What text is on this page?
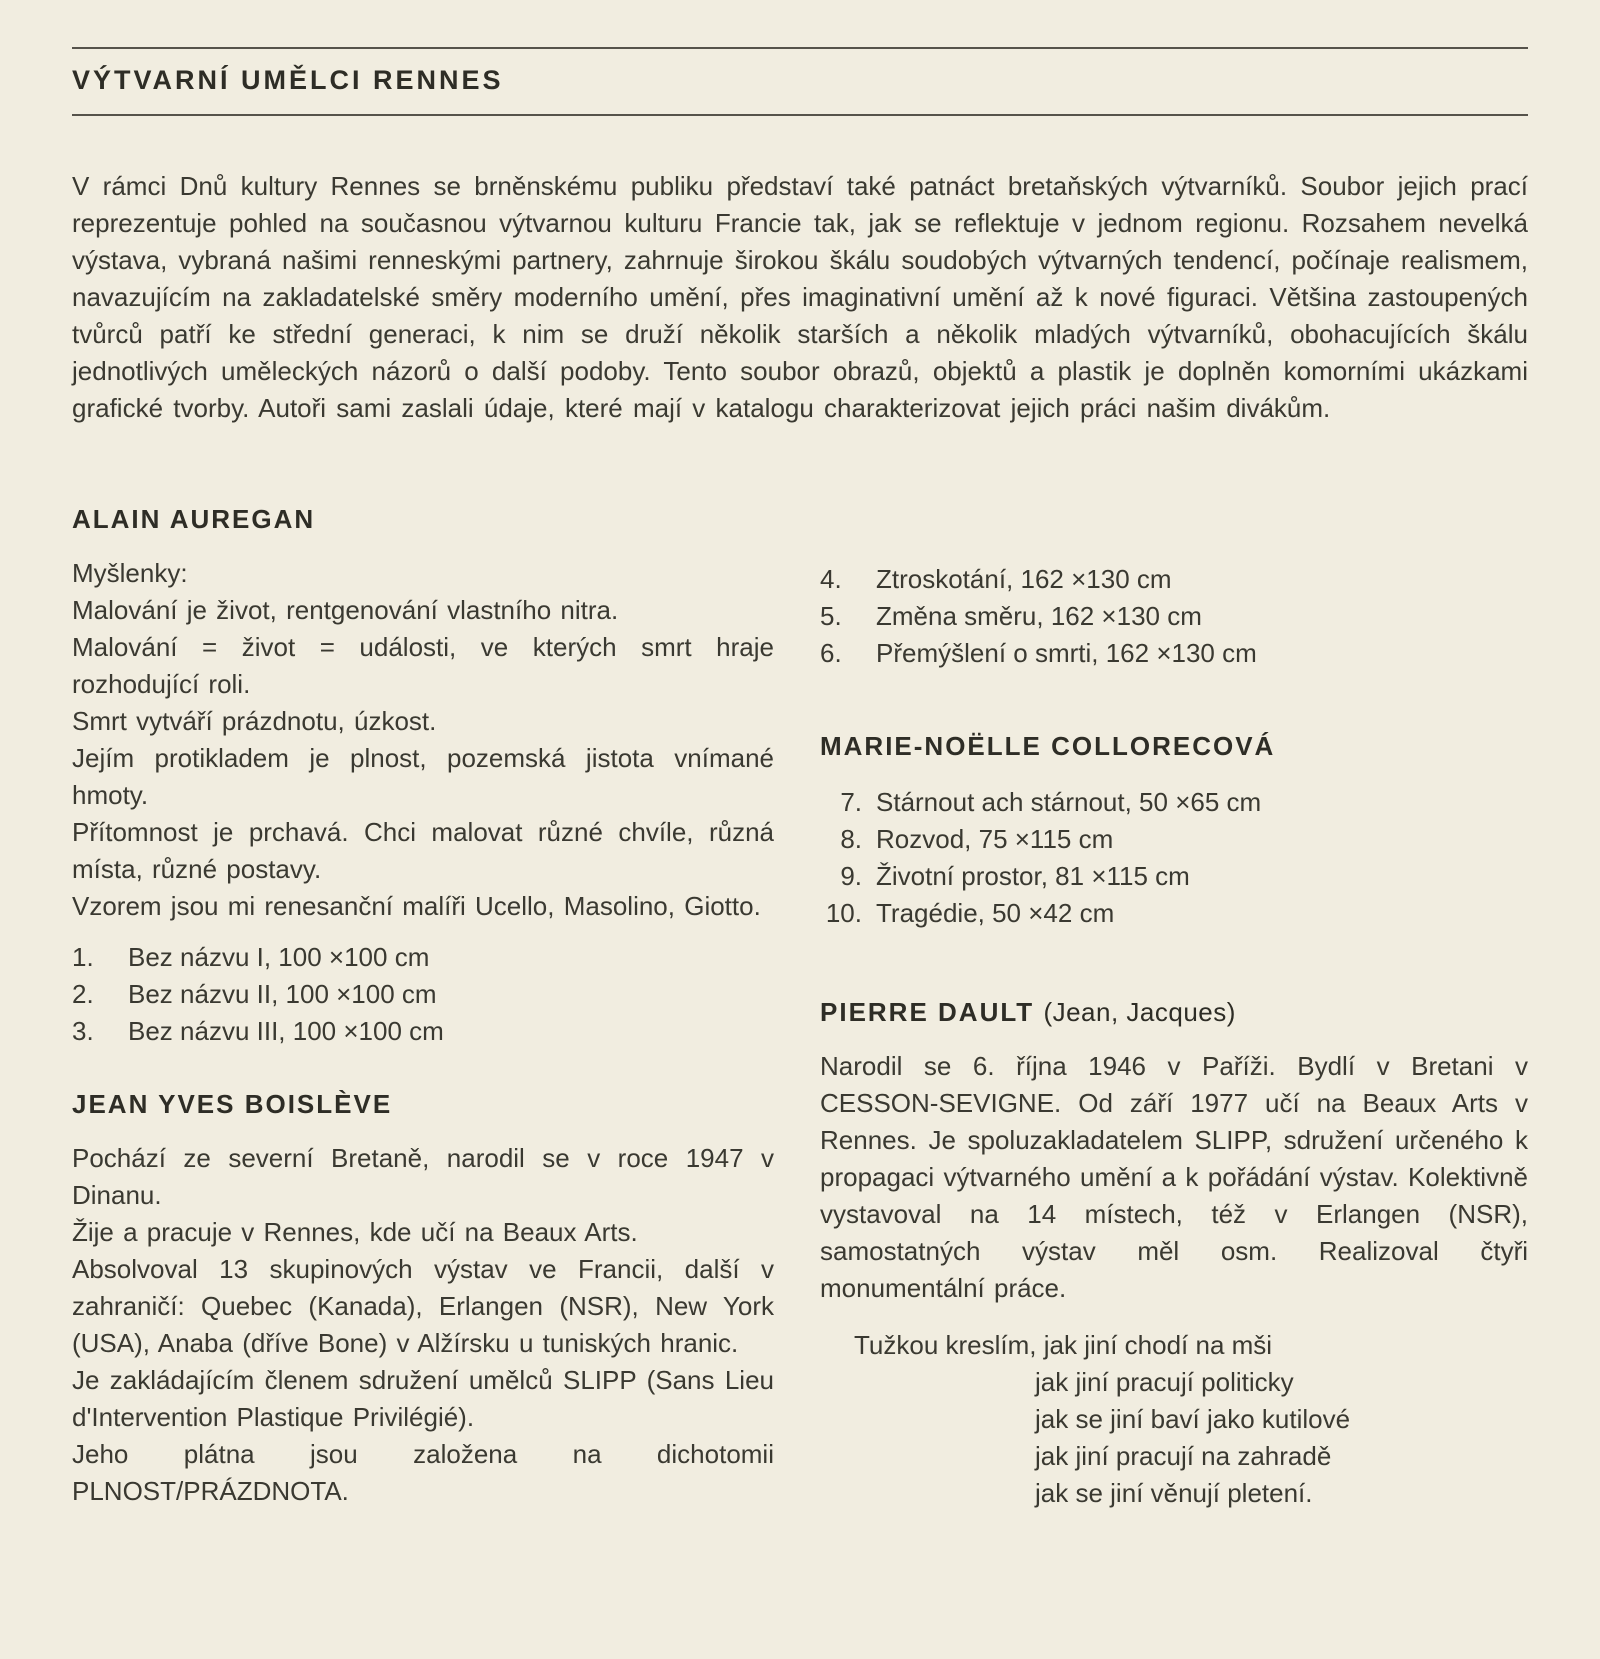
VÝTVARNÍ UMĚLCI RENNES

V rámci Dnů kultury Rennes se brněnskému publiku představí také patnáct bretaňských výtvarníků. Soubor jejich prací reprezentuje pohled na současnou výtvarnou kulturu Francie tak, jak se reflektuje v jednom regionu. Rozsahem nevelká výstava, vybraná našimi renneskými partnery, zahrnuje širokou škálu soudobých výtvarných tendencí, počínaje realismem, navazujícím na zakladatelské směry moderního umění, přes imaginativní umění až k nové figuraci. Většina zastoupených tvůrců patří ke střední generaci, k nim se druží několik starších a několik mladých výtvarníků, obohacujících škálu jednotlivých uměleckých názorů o další podoby. Tento soubor obrazů, objektů a plastik je doplněn komorními ukázkami grafické tvorby. Autoři sami zaslali údaje, které mají v katalogu charakterizovat jejich práci našim divákům.

ALAIN AUREGAN
Myšlenky:
Malování je život, rentgenování vlastního nitra.
Malování = život = události, ve kterých smrt hraje rozhodující roli.
Smrt vytváří prázdnotu, úzkost.
Jejím protikladem je plnost, pozemská jistota vnímané hmoty.
Přítomnost je prchavá. Chci malovat různé chvíle, různá místa, různé postavy.
Vzorem jsou mi renesanční malíři Ucello, Masolino, Giotto.
1.	Bez názvu I, 100 ×100 cm
2.	Bez názvu II, 100 ×100 cm
3.	Bez názvu III, 100 ×100 cm
JEAN YVES BOISLÈVE
Pochází ze severní Bretaně, narodil se v roce 1947 v Dinanu.
Žije a pracuje v Rennes, kde učí na Beaux Arts.
Absolvoval 13 skupinových výstav ve Francii, další v zahraničí: Quebec (Kanada), Erlangen (NSR), New York (USA), Anaba (dříve Bone) v Alžírsku u tuniských hranic.
Je zakládajícím členem sdružení umělců SLIPP (Sans Lieu d'Intervention Plastique Privilégié).
Jeho plátna jsou založena na dichotomii PLNOST/PRÁZDNOTA.
4.	Ztroskotání, 162 ×130 cm
5.	Změna směru, 162 ×130 cm
6.	Přemýšlení o smrti, 162 ×130 cm
MARIE-NOËLLE COLLORECOVÁ
7. Stárnout ach stárnout, 50 ×65 cm
8. Rozvod, 75 ×115 cm
9. Životní prostor, 81 ×115 cm
10. Tragédie, 50 ×42 cm
PIERRE DAULT (Jean, Jacques)

Narodil se 6. října 1946 v Paříži. Bydlí v Bretani v CESSON-SEVIGNE. Od září 1977 učí na Beaux Arts v Rennes. Je spoluzakladatelem SLIPP, sdružení určeného k propagaci výtvarného umění a k pořádání výstav. Kolektivně vystavoval na 14 místech, též v Erlangen (NSR), samostatných výstav měl osm. Realizoval čtyři monumentální práce.

Tužkou kreslím, jak jiní chodí na mši
jak jiní pracují politicky
jak se jiní baví jako kutilové
jak jiní pracují na zahradě
jak se jiní věnují pletení.
